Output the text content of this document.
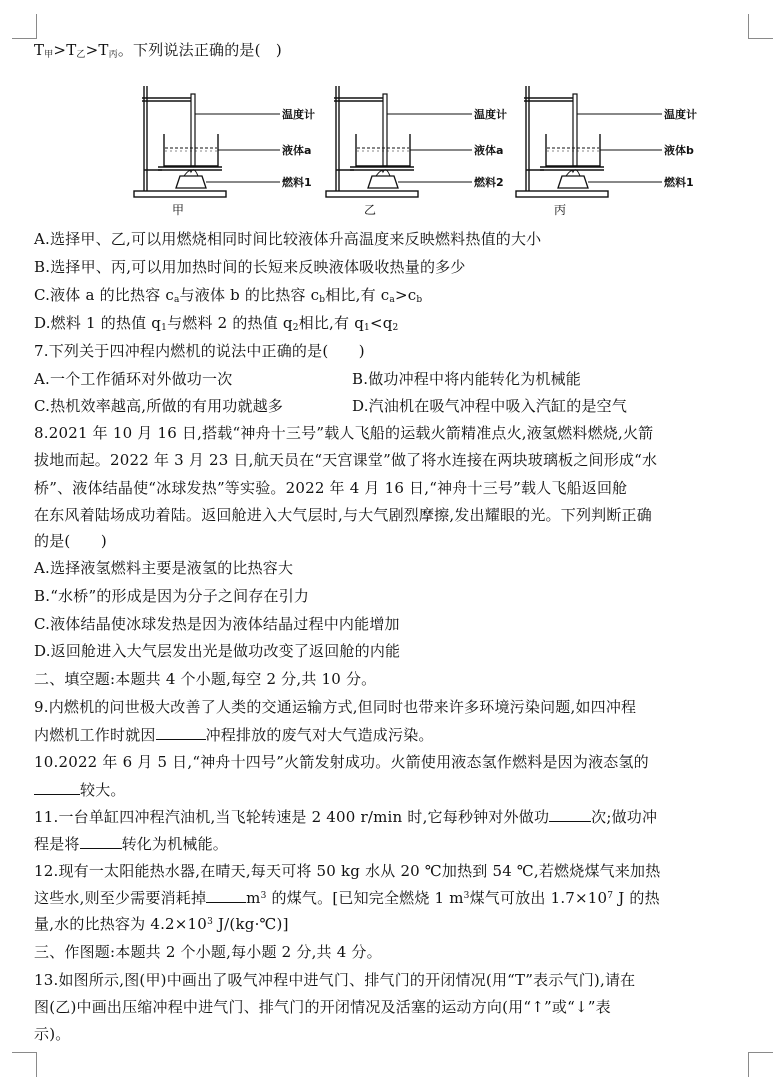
$T_甲>T_乙>T_丙$。下列说法正确的是(　)
温度计
液体a
燃料1
甲
温度计
液体a
燃料2
乙
温度计
液体b
燃料1
丙
A.选择甲、乙,可以用燃烧相同时间比较液体升高温度来反映燃料热值的大小
B.选择甲、丙,可以用加热时间的长短来反映液体吸收热量的多少
C.液体 a 的比热容 $c_a$与液体 b 的比热容 $c_b$相比,有 $c_a>c_b$
D.燃料 1 的热值 $q_1$与燃料 2 的热值 $q_2$相比,有 $q_1<q_2$
7.下列关于四冲程内燃机的说法中正确的是(　　)
A.一个工作循环对外做功一次	B.做功冲程中将内能转化为机械能
C.热机效率越高,所做的有用功就越多	D.汽油机在吸气冲程中吸入汽缸的是空气
8.2021 年 10 月 16 日,搭载“神舟十三号”载人飞船的运载火箭精准点火,液氢燃料燃烧,火箭
拔地而起。2022 年 3 月 23 日,航天员在“天宫课堂”做了将水连接在两块玻璃板之间形成“水
桥”、液体结晶使“冰球发热”等实验。2022 年 4 月 16 日,“神舟十三号”载人飞船返回舱
在东风着陆场成功着陆。返回舱进入大气层时,与大气剧烈摩擦,发出耀眼的光。下列判断正确
的是(　　)
A.选择液氢燃料主要是液氢的比热容大
B.“水桥”的形成是因为分子之间存在引力
C.液体结晶使冰球发热是因为液体结晶过程中内能增加
D.返回舱进入大气层发出光是做功改变了返回舱的内能
二、填空题:本题共 4 个小题,每空 2 分,共 10 分。
9.内燃机的问世极大改善了人类的交通运输方式,但同时也带来许多环境污染问题,如四冲程
内燃机工作时就因	冲程排放的废气对大气造成污染。
10.2022 年 6 月 5 日,“神舟十四号”火箭发射成功。火箭使用液态氢作燃料是因为液态氢的
较大。
11.一台单缸四冲程汽油机,当飞轮转速是 2 400 r/min 时,它每秒钟对外做功	次;做功冲
程是将	转化为机械能。
12.现有一太阳能热水器,在晴天,每天可将 50 kg 水从 20 ℃加热到 54 ℃,若燃烧煤气来加热
这些水,则至少需要消耗掉	$m^3$ 的煤气。[已知完全燃烧 1 $m^3$煤气可放出 $1.7\times 10^7$ J 的热
量,水的比热容为 $4.2\times 10^3$ J/(kg·℃)]
三、作图题:本题共 2 个小题,每小题 2 分,共 4 分。
13.如图所示,图(甲)中画出了吸气冲程中进气门、排气门的开闭情况(用“T”表示气门),请在
图(乙)中画出压缩冲程中进气门、排气门的开闭情况及活塞的运动方向(用“↑”或“↓”表
示)。
